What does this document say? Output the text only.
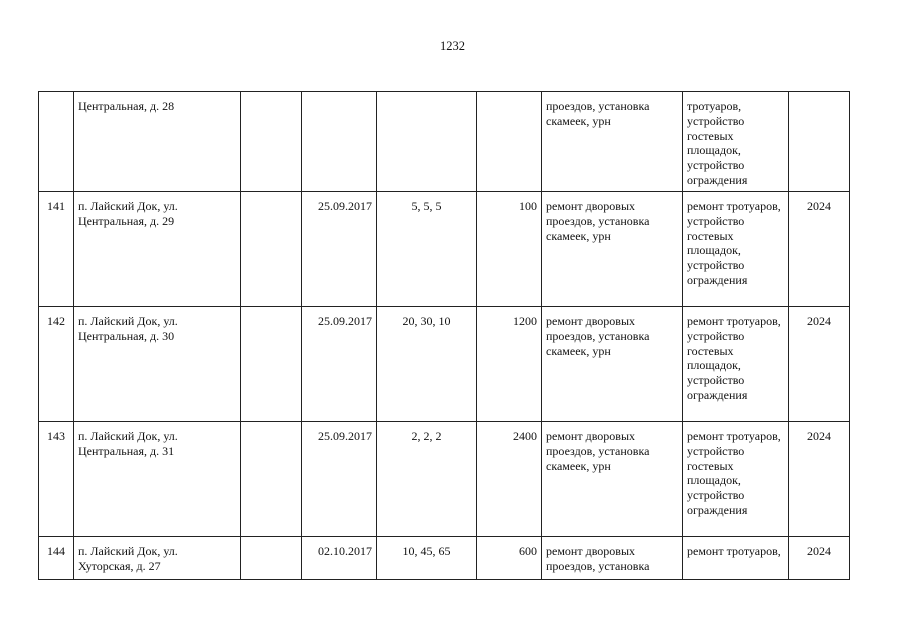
1232
	Центральная, д. 28					проездов, установка скамеек, урн	тротуаров, устройство гостевых площадок, устройство ограждения	
141	п. Лайский Док, ул. Центральная, д. 29		25.09.2017	5, 5, 5	100	ремонт дворовых проездов, установка скамеек, урн	ремонт тротуаров, устройство гостевых площадок, устройство ограждения	2024
142	п. Лайский Док, ул. Центральная, д. 30		25.09.2017	20, 30, 10	1200	ремонт дворовых проездов, установка скамеек, урн	ремонт тротуаров, устройство гостевых площадок, устройство ограждения	2024
143	п. Лайский Док, ул. Центральная, д. 31		25.09.2017	2, 2, 2	2400	ремонт дворовых проездов, установка скамеек, урн	ремонт тротуаров, устройство гостевых площадок, устройство ограждения	2024
144	п. Лайский Док, ул. Хуторская, д. 27		02.10.2017	10, 45, 65	600	ремонт дворовых проездов, установка	ремонт тротуаров,	2024
